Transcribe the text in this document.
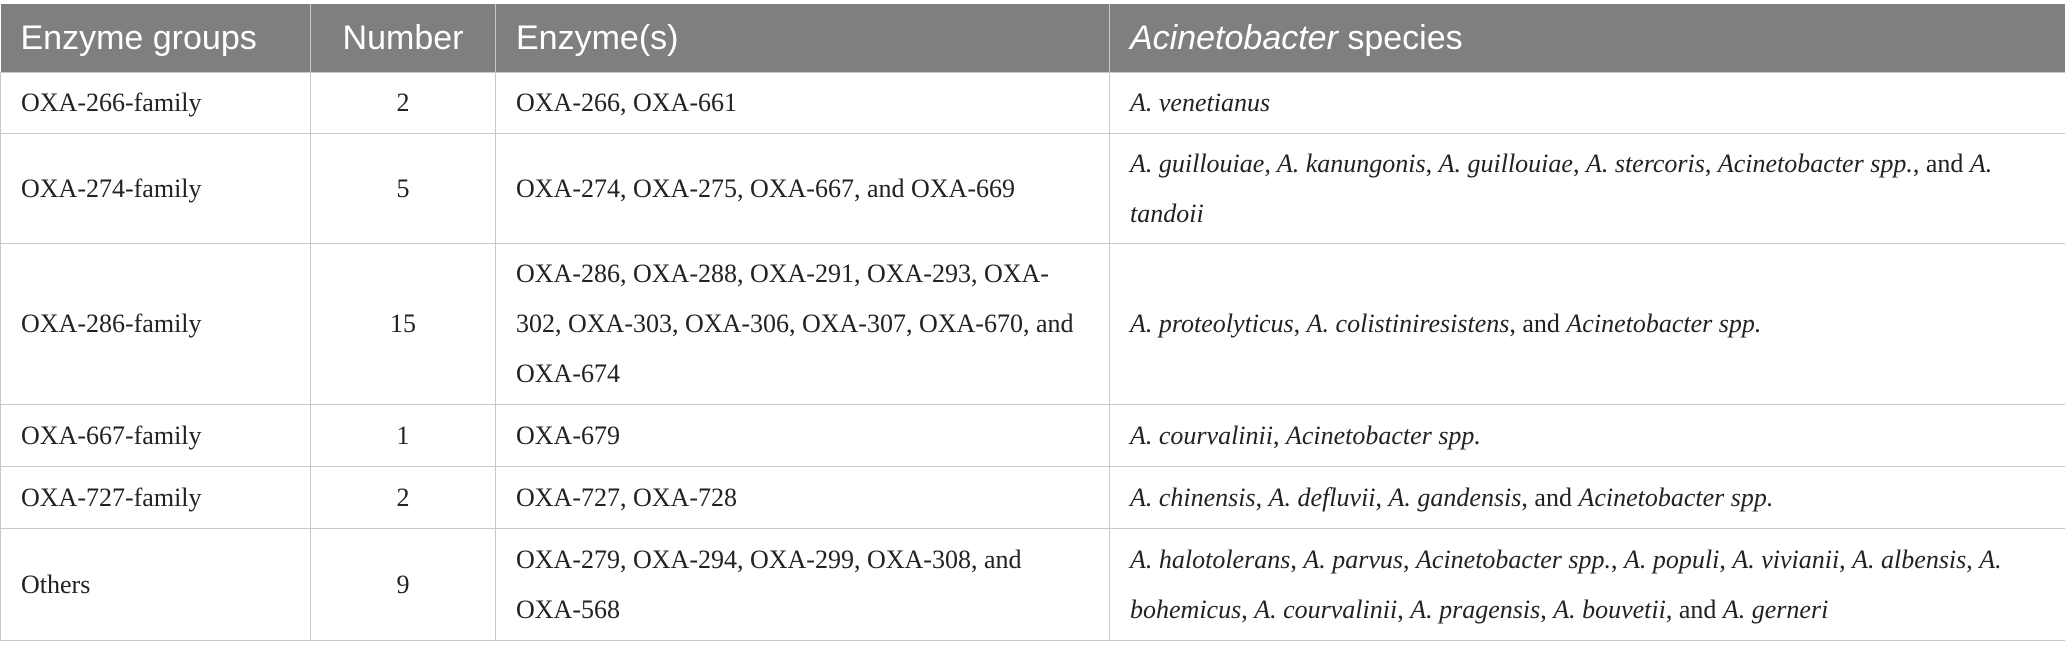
Enzyme groups	Number	Enzyme(s)	Acinetobacter species
OXA-266-family	2	OXA-266, OXA-661	A. venetianus
OXA-274-family	5	OXA-274, OXA-275, OXA-667, and OXA-669	A. guillouiae, A. kanungonis, A. guillouiae, A. stercoris, Acinetobacter spp., and A. tandoii
OXA-286-family	15	OXA-286, OXA-288, OXA-291, OXA-293, OXA-302, OXA-303, OXA-306, OXA-307, OXA-670, and OXA-674	A. proteolyticus, A. colistiniresistens, and Acinetobacter spp.
OXA-667-family	1	OXA-679	A. courvalinii, Acinetobacter spp.
OXA-727-family	2	OXA-727, OXA-728	A. chinensis, A. defluvii, A. gandensis, and Acinetobacter spp.
Others	9	OXA-279, OXA-294, OXA-299, OXA-308, and OXA-568	A. halotolerans, A. parvus, Acinetobacter spp., A. populi, A. vivianii, A. albensis, A. bohemicus, A. courvalinii, A. pragensis, A. bouvetii, and A. gerneri
